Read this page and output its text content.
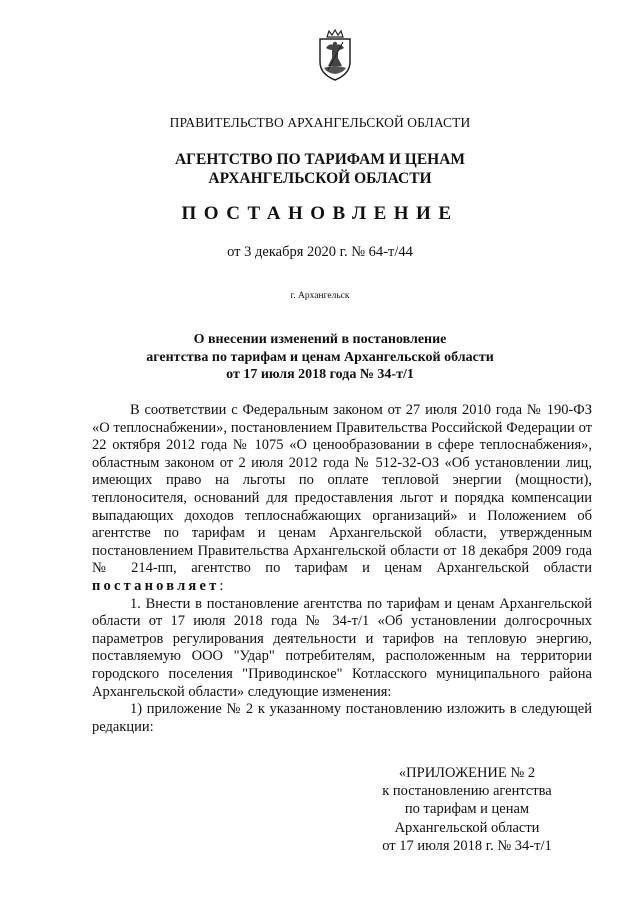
ПРАВИТЕЛЬСТВО АРХАНГЕЛЬСКОЙ ОБЛАСТИ
АГЕНТСТВО ПО ТАРИФАМ И ЦЕНАМ
АРХАНГЕЛЬСКОЙ ОБЛАСТИ
ПОСТАНОВЛЕНИЕ
от 3 декабря 2020 г. № 64-т/44
г. Архангельск
О внесении изменений в постановление
агентства по тарифам и ценам Архангельской области
от 17 июля 2018 года № 34-т/1

В соответствии с Федеральным законом от 27 июля 2010 года № 190-ФЗ «О теплоснабжении», постановлением Правительства Российской Федерации от 22 октября 2012 года № 1075 «О ценообразовании в сфере теплоснабжения», областным законом от 2 июля 2012 года № 512-32-ОЗ «Об установлении лиц, имеющих право на льготы по оплате тепловой энергии (мощности), теплоносителя, оснований для предоставления льгот и порядка компенсации выпадающих доходов теплоснабжающих организаций» и Положением об агентстве по тарифам и ценам Архангельской области, утвержденным постановлением Правительства Архангельской области от 18 декабря 2009 года № 214-пп, агентство по тарифам и ценам Архангельской области постановляет:

1. Внести в постановление агентства по тарифам и ценам Архангельской области от 17 июля 2018 года № 34-т/1 «Об установлении долгосрочных параметров регулирования деятельности и тарифов на тепловую энергию, поставляемую ООО "Удар" потребителям, расположенным на территории городского поселения "Приводинское" Котласского муниципального района Архангельской области» следующие изменения:

1) приложение № 2 к указанному постановлению изложить в следующей редакции:

«ПРИЛОЖЕНИЕ № 2
к постановлению агентства
по тарифам и ценам
Архангельской области
от 17 июля 2018 г. № 34-т/1
